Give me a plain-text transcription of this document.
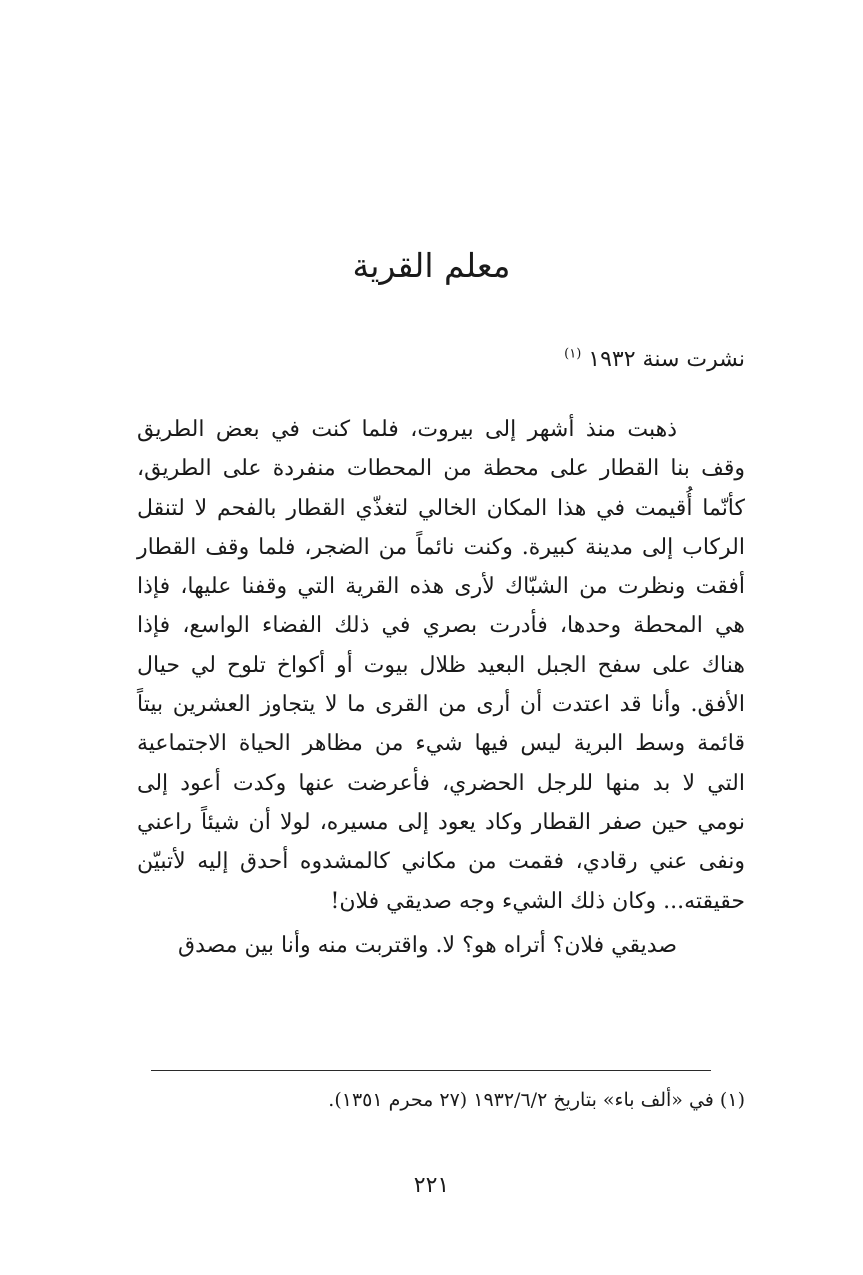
معلم القرية

نشرت سنة ١٩٣٢ $^{(١)}$

ذهبت منذ أشهر إلى بيروت، فلما كنت في بعض الطريق وقف بنا القطار على محطة من المحطات منفردة على الطريق، كأنّما أُقيمت في هذا المكان الخالي لتغذّي القطار بالفحم لا لتنقل الركاب إلى مدينة كبيرة. وكنت نائماً من الضجر، فلما وقف القطار أفقت ونظرت من الشبّاك لأرى هذه القرية التي وقفنا عليها، فإذا هي المحطة وحدها، فأدرت بصري في ذلك الفضاء الواسع، فإذا هناك على سفح الجبل البعيد ظلال بيوت أو أكواخ تلوح لي حيال الأفق. وأنا قد اعتدت أن أرى من القرى ما لا يتجاوز العشرين بيتاً قائمة وسط البرية ليس فيها شيء من مظاهر الحياة الاجتماعية التي لا بد منها للرجل الحضري، فأعرضت عنها وكدت أعود إلى نومي حين صفر القطار وكاد يعود إلى مسيره، لولا أن شيئاً راعني ونفى عني رقادي، فقمت من مكاني كالمشدوه أحدق إليه لأتبيّن حقيقته... وكان ذلك الشيء وجه صديقي فلان!

صديقي فلان؟ أتراه هو؟ لا. واقتربت منه وأنا بين مصدق

(١) في «ألف باء» بتاريخ ١٩٣٢/٦/٢ (٢٧ محرم ١٣٥١).

٢٢١
